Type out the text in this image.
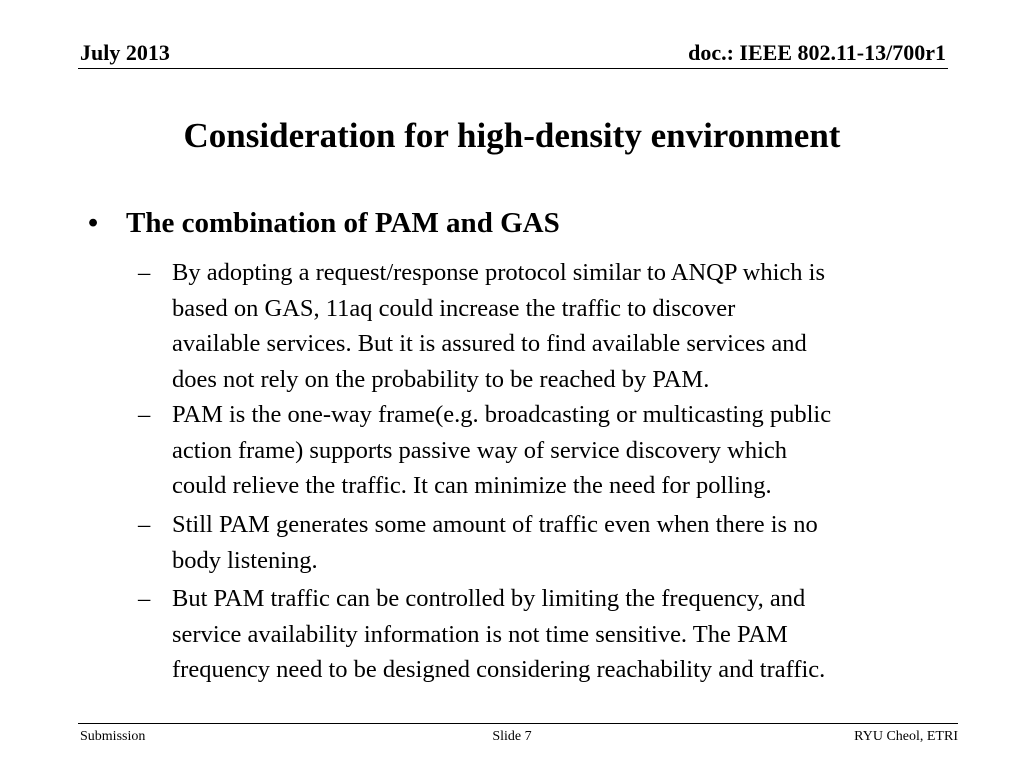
July 2013	doc.: IEEE 802.11-13/700r1
Consideration for high-density environment
• The combination of PAM and GAS
– By adopting a request/response protocol similar to ANQP which is
based on GAS, 11aq could increase the traffic to discover
available services. But it is assured to find available services and
does not rely on the probability to be reached by PAM.
– PAM is the one-way frame(e.g. broadcasting or multicasting public
action frame) supports passive way of service discovery which
could relieve the traffic. It can minimize the need for polling.
– Still PAM generates some amount of traffic even when there is no
body listening.
– But PAM traffic can be controlled by limiting the frequency, and
service availability information is not time sensitive. The PAM
frequency need to be designed considering reachability and traffic.
Submission	Slide 7	RYU Cheol, ETRI
